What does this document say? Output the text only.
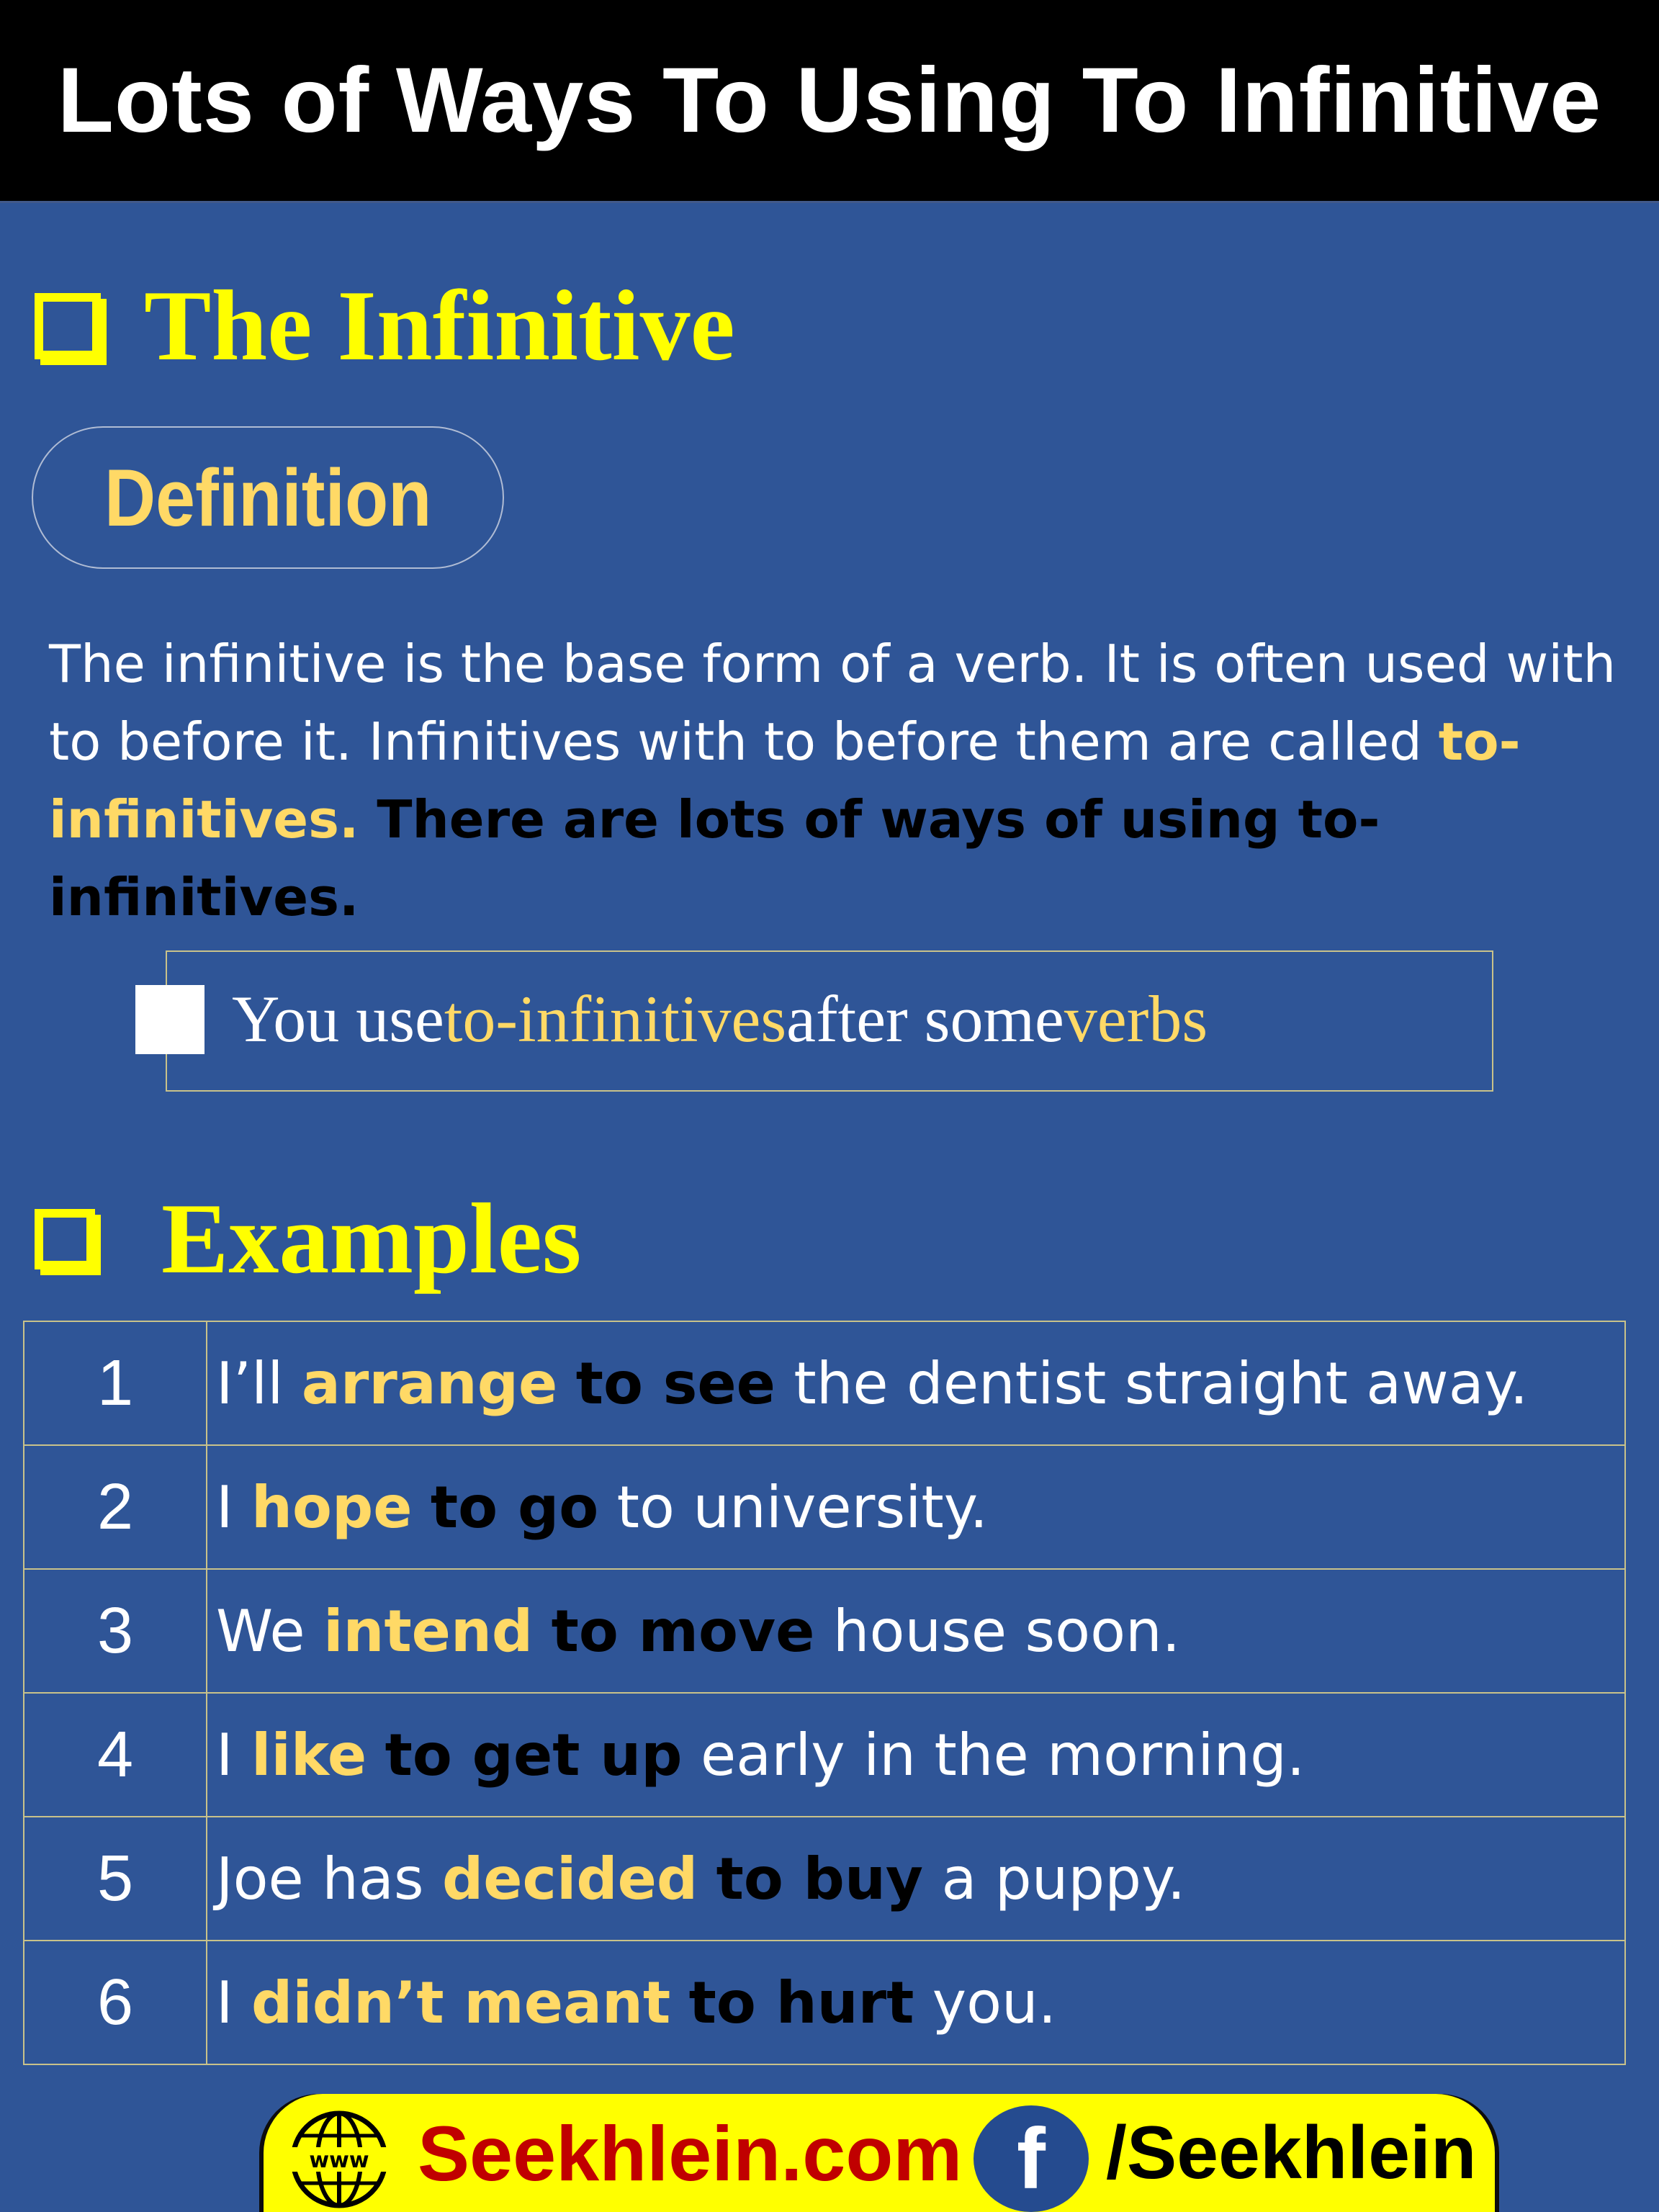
Lots of Ways To Using To Infinitive
The Infinitive
Definition

The infinitive is the base form of a verb. It is often used with to before it. Infinitives with to before them are called to-infinitives. There are lots of ways of using to-infinitives.

You use to-infinitives after some verbs
Examples
1	I’ll arrange to see the dentist straight away.
2	I hope to go to university.
3	We intend to move house soon.
4	I like to get up early in the morning.
5	Joe has decided to buy a puppy.
6	I didn’t meant to hurt you.
www Seekhlein.com f /Seekhlein
